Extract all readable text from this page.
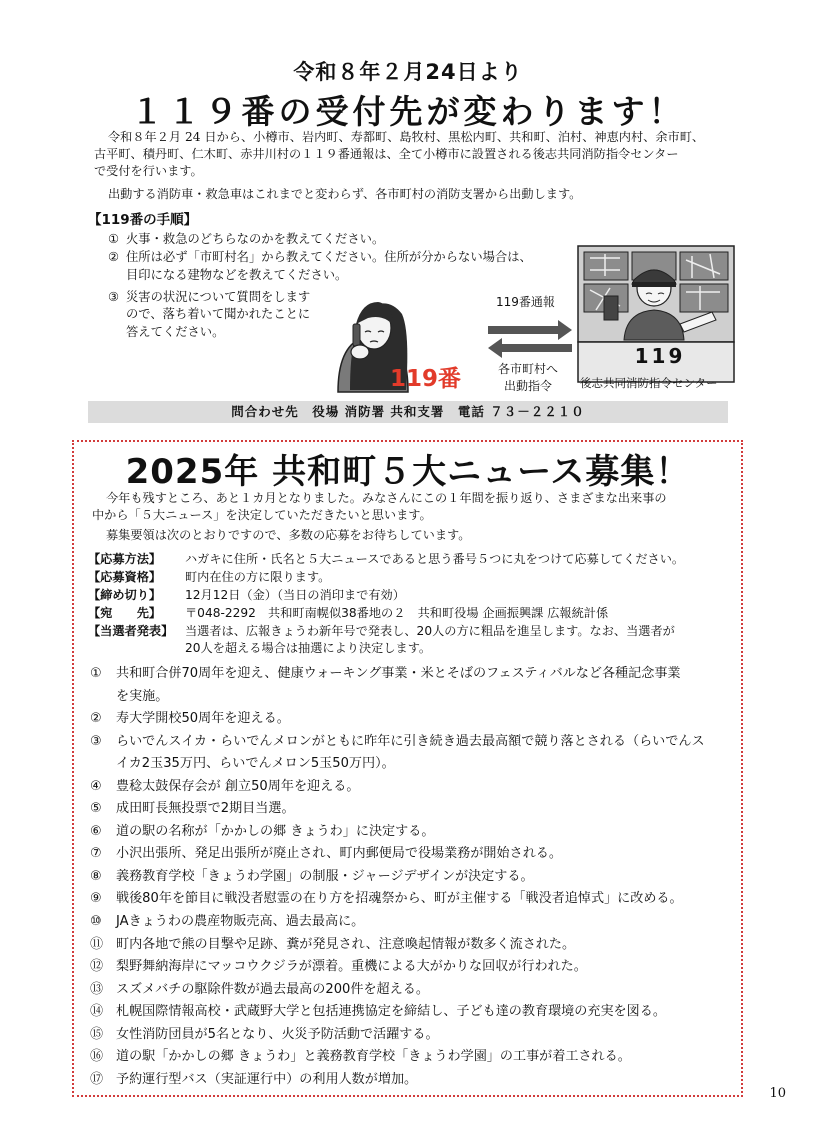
令和８年２月24日より
１１９番の受付先が変わります！
令和８年２月 24 日から、小樽市、岩内町、寿都町、島牧村、黒松内町、共和町、泊村、神恵内村、余市町、
古平町、積丹町、仁木町、赤井川村の１１９番通報は、全て小樽市に設置される後志共同消防指令センター
で受付を行います。
出動する消防車・救急車はこれまでと変わらず、各市町村の消防支署から出動します。
【119番の手順】
① 火事・救急のどちらなのかを教えてください。
② 住所は必ず「市町村名」から教えてください。住所が分からない場合は、
目印になる建物などを教えてください。
③ 災害の状況について質問をします
ので、落ち着いて聞かれたことに
答えてください。
119番通報
各市町村へ
出動指令
119番
119
後志共同消防指令センター
問合わせ先　役場 消防署 共和支署　電話 ７３－２２１０
2025年 共和町５大ニュース募集！
今年も残すところ、あと１カ月となりました。みなさんにこの１年間を振り返り、さまざまな出来事の
中から「５大ニュース」を決定していただきたいと思います。
募集要領は次のとおりですので、多数の応募をお待ちしています。
【応募方法】 ハガキに住所・氏名と５大ニュースであると思う番号５つに丸をつけて応募してください。
【応募資格】 町内在住の方に限ります。
【締め切り】 12月12日（金）（当日の消印まで有効）
【宛　　先】 〒048-2292　共和町南幌似38番地の２　共和町役場 企画振興課 広報統計係
【当選者発表】 当選者は、広報きょうわ新年号で発表し、20人の方に粗品を進呈します。なお、当選者が
20人を超える場合は抽選により決定します。
① 共和町合併70周年を迎え、健康ウォーキング事業・米とそばのフェスティバルなど各種記念事業
を実施。
② 寿大学開校50周年を迎える。
③ らいでんスイカ・らいでんメロンがともに昨年に引き続き過去最高額で競り落とされる（らいでんス
イカ2玉35万円、らいでんメロン5玉50万円）。
④ 豊稔太鼓保存会が 創立50周年を迎える。
⑤ 成田町長無投票で2期目当選。
⑥ 道の駅の名称が「かかしの郷 きょうわ」に決定する。
⑦ 小沢出張所、発足出張所が廃止され、町内郵便局で役場業務が開始される。
⑧ 義務教育学校「きょうわ学園」の制服・ジャージデザインが決定する。
⑨ 戦後80年を節目に戦没者慰霊の在り方を招魂祭から、町が主催する「戦没者追悼式」に改める。
⑩ JAきょうわの農産物販売高、過去最高に。
⑪ 町内各地で熊の目撃や足跡、糞が発見され、注意喚起情報が数多く流された。
⑫ 梨野舞納海岸にマッコウクジラが漂着。重機による大がかりな回収が行われた。
⑬ スズメバチの駆除件数が過去最高の200件を超える。
⑭ 札幌国際情報高校・武蔵野大学と包括連携協定を締結し、子ども達の教育環境の充実を図る。
⑮ 女性消防団員が5名となり、火災予防活動で活躍する。
⑯ 道の駅「かかしの郷 きょうわ」と義務教育学校「きょうわ学園」の工事が着工される。
⑰ 予約運行型バス（実証運行中）の利用人数が増加。
10
